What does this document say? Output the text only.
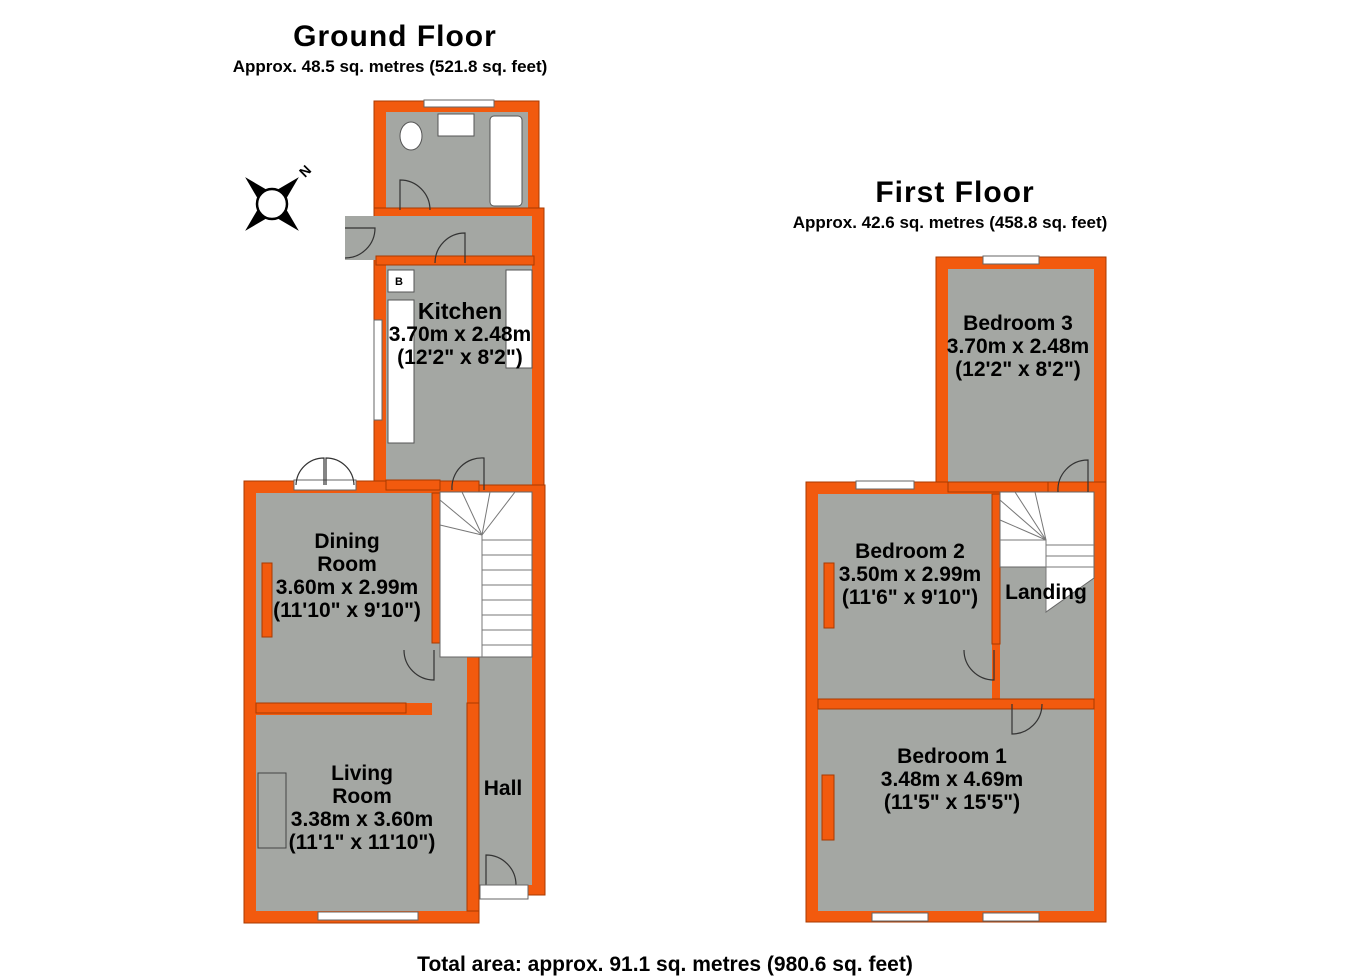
Ground Floor
Approx. 48.5 sq. metres (521.8 sq. feet)
N
B
Kitchen
3.70m x 2.48m
(12'2" x 8'2")
Dining
Room
3.60m x 2.99m
(11'10" x 9'10")
Living
Room
3.38m x 3.60m
(11'1" x 11'10")
Hall
First Floor
Approx. 42.6 sq. metres (458.8 sq. feet)
Bedroom 3
3.70m x 2.48m
(12'2" x 8'2")
Bedroom 2
3.50m x 2.99m
(11'6" x 9'10")	Landing
Bedroom 1
3.48m x 4.69m
(11'5" x 15'5")
Total area: approx. 91.1 sq. metres (980.6 sq. feet)
